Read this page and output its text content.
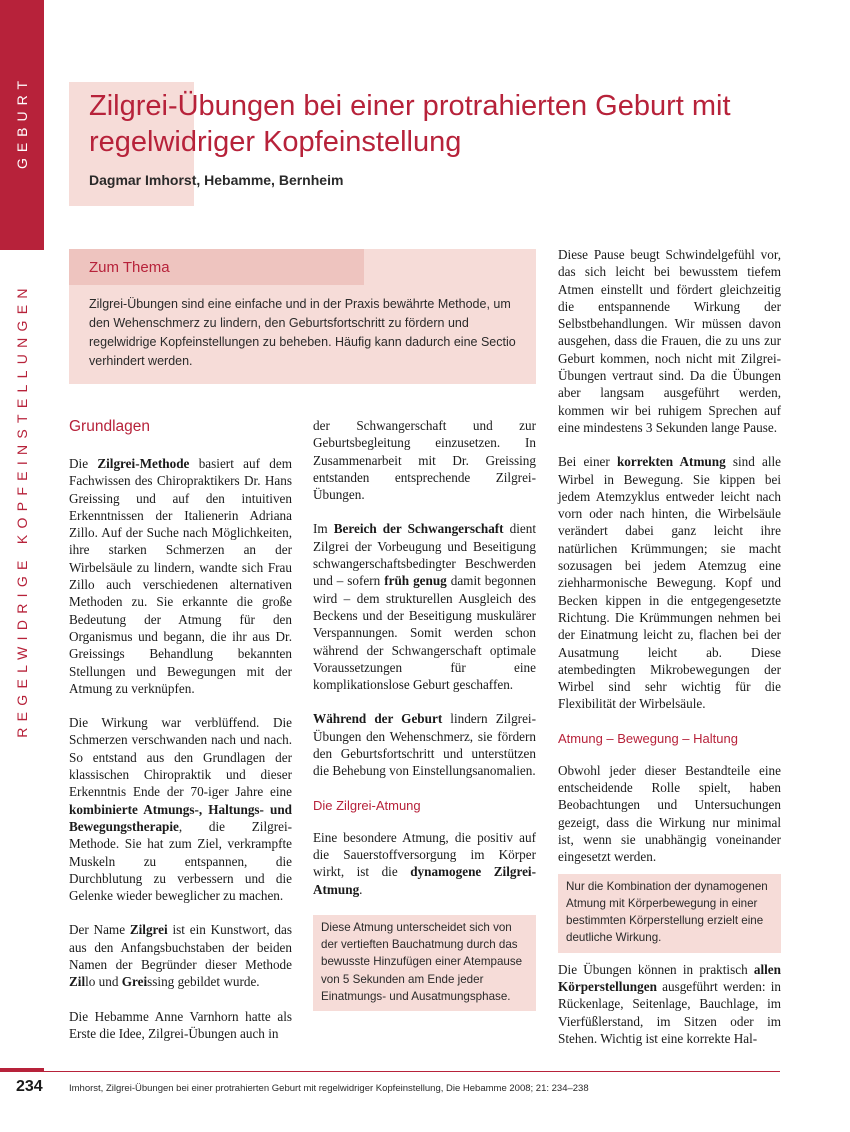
GEBURT
REGELWIDRIGE KOPFEINSTELLUNGEN
Zilgrei-Übungen bei einer protrahierten Geburt mit regelwidriger Kopfeinstellung
Dagmar Imhorst, Hebamme, Bernheim
Zum Thema
Zilgrei-Übungen sind eine einfache und in der Praxis bewährte Methode, um den Wehenschmerz zu lindern, den Geburtsfortschritt zu fördern und regelwidrige Kopfeinstellungen zu beheben. Häufig kann dadurch eine Sectio verhindert werden.
Grundlagen

Die Zilgrei-Methode basiert auf dem Fachwissen des Chiropraktikers Dr. Hans Greissing und auf den intuitiven Erkenntnissen der Italienerin Adriana Zillo. Auf der Suche nach Möglichkeiten, ihre starken Schmerzen an der Wirbelsäule zu lindern, wandte sich Frau Zillo auch verschiedenen alternativen Methoden zu. Sie erkannte die große Bedeutung der Atmung für den Organismus und begann, die ihr aus Dr. Greissings Behandlung bekannten Stellungen und Bewegungen mit der Atmung zu verknüpfen.

Die Wirkung war verblüffend. Die Schmerzen verschwanden nach und nach. So entstand aus den Grundlagen der klassischen Chiropraktik und dieser Erkenntnis Ende der 70-iger Jahre eine kombinierte Atmungs-, Haltungs- und Bewegungstherapie, die Zilgrei-Methode. Sie hat zum Ziel, verkrampfte Muskeln zu entspannen, die Durchblutung zu verbessern und die Gelenke wieder beweglicher zu machen.

Der Name Zilgrei ist ein Kunstwort, das aus den Anfangsbuchstaben der beiden Namen der Begründer dieser Methode Zillo und Greissing gebildet wurde.

Die Hebamme Anne Varnhorn hatte als Erste die Idee, Zilgrei-Übungen auch in

der Schwangerschaft und zur Geburtsbegleitung einzusetzen. In Zusammenarbeit mit Dr. Greissing entstanden entsprechende Zilgrei-Übungen.

Im Bereich der Schwangerschaft dient Zilgrei der Vorbeugung und Beseitigung schwangerschaftsbedingter Beschwerden und – sofern früh genug damit begonnen wird – dem strukturellen Ausgleich des Beckens und der Beseitigung muskulärer Verspannungen. Somit werden schon während der Schwangerschaft optimale Voraussetzungen für eine komplikationslose Geburt geschaffen.

Während der Geburt lindern Zilgrei-Übungen den Wehenschmerz, sie fördern den Geburtsfortschritt und unterstützen die Behebung von Einstellungsanomalien.

Die Zilgrei-Atmung

Eine besondere Atmung, die positiv auf die Sauerstoffversorgung im Körper wirkt, ist die dynamogene Zilgrei-Atmung.

Diese Atmung unterscheidet sich von der vertieften Bauchatmung durch das bewusste Hinzufügen einer Atempause von 5 Sekunden am Ende jeder Einatmungs- und Ausatmungsphase.

Diese Pause beugt Schwindelgefühl vor, das sich leicht bei bewusstem tiefem Atmen einstellt und fördert gleichzeitig die entspannende Wirkung der Selbstbehandlungen. Wir müssen davon ausgehen, dass die Frauen, die zu uns zur Geburt kommen, noch nicht mit Zilgrei-Übungen vertraut sind. Da die Übungen aber langsam ausgeführt werden, kommen wir bei ruhigem Sprechen auf eine mindestens 3 Sekunden lange Pause.

Bei einer korrekten Atmung sind alle Wirbel in Bewegung. Sie kippen bei jedem Atemzyklus entweder leicht nach vorn oder nach hinten, die Wirbelsäule verändert dabei ganz leicht ihre natürlichen Krümmungen; sie macht sozusagen bei jedem Atemzug eine ziehharmonische Bewegung. Kopf und Becken kippen in die entgegengesetzte Richtung. Die Krümmungen nehmen bei der Einatmung leicht zu, flachen bei der Ausatmung leicht ab. Diese atembedingten Mikrobewegungen der Wirbel sind sehr wichtig für die Flexibilität der Wirbelsäule.

Atmung – Bewegung – Haltung

Obwohl jeder dieser Bestandteile eine entscheidende Rolle spielt, haben Beobachtungen und Untersuchungen gezeigt, dass die Wirkung nur minimal ist, wenn sie unabhängig voneinander eingesetzt werden.

Nur die Kombination der dynamogenen Atmung mit Körperbewegung in einer bestimmten Körperstellung erzielt eine deutliche Wirkung.

Die Übungen können in praktisch allen Körperstellungen ausgeführt werden: in Rückenlage, Seitenlage, Bauchlage, im Vierfüßlerstand, im Sitzen oder im Stehen. Wichtig ist eine korrekte Hal-

234	Imhorst, Zilgrei-Übungen bei einer protrahierten Geburt mit regelwidriger Kopfeinstellung, Die Hebamme 2008; 21: 234–238
